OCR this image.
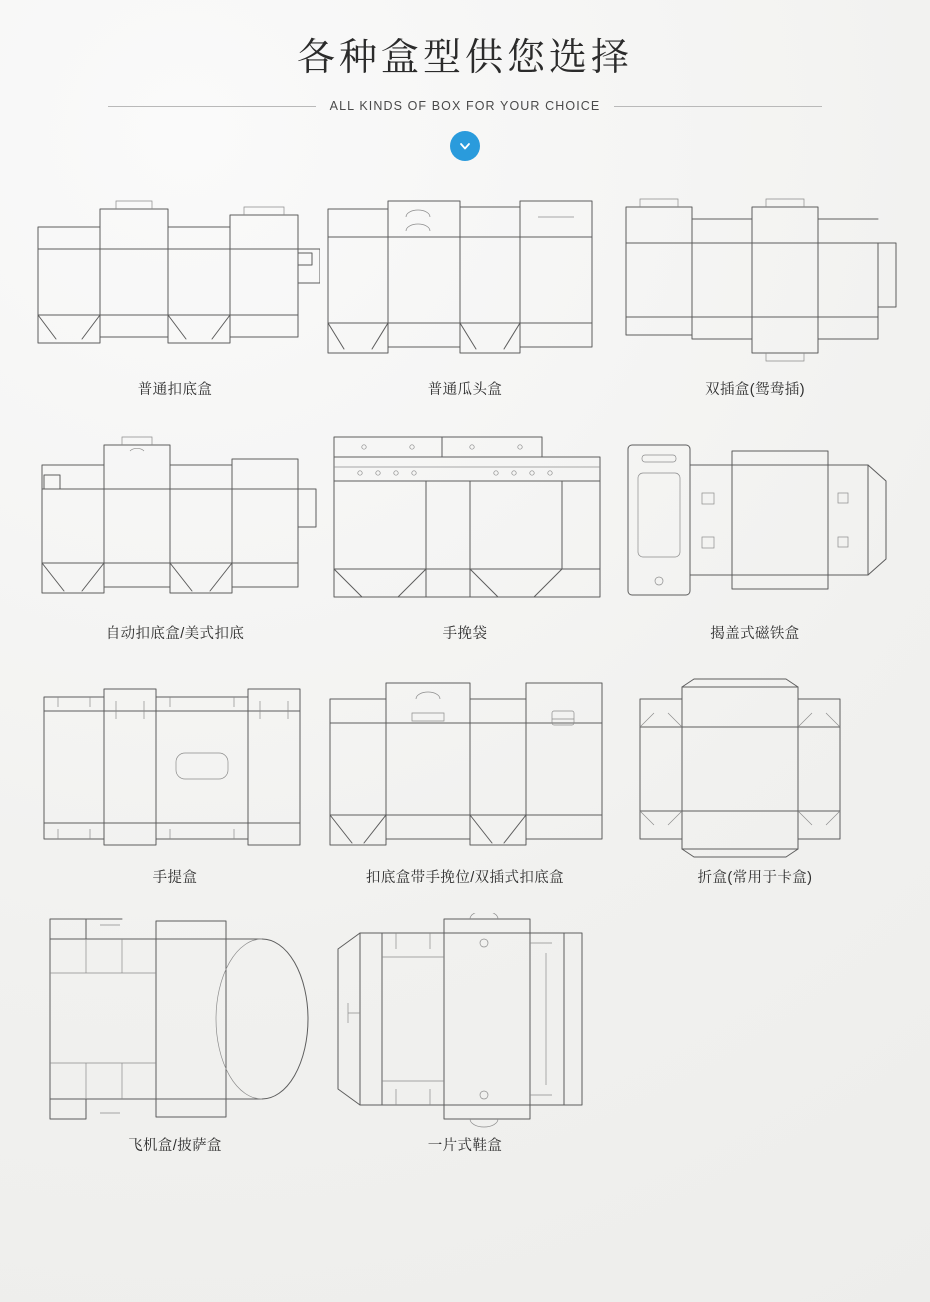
各种盒型供您选择
ALL KINDS OF BOX FOR YOUR CHOICE
普通扣底盒	普通瓜头盒	双插盒(鸳鸯插)
自动扣底盒/美式扣底	手挽袋	揭盖式磁铁盒
手提盒	扣底盒带手挽位/双插式扣底盒	折盒(常用于卡盒)
飞机盒/披萨盒	一片式鞋盒
